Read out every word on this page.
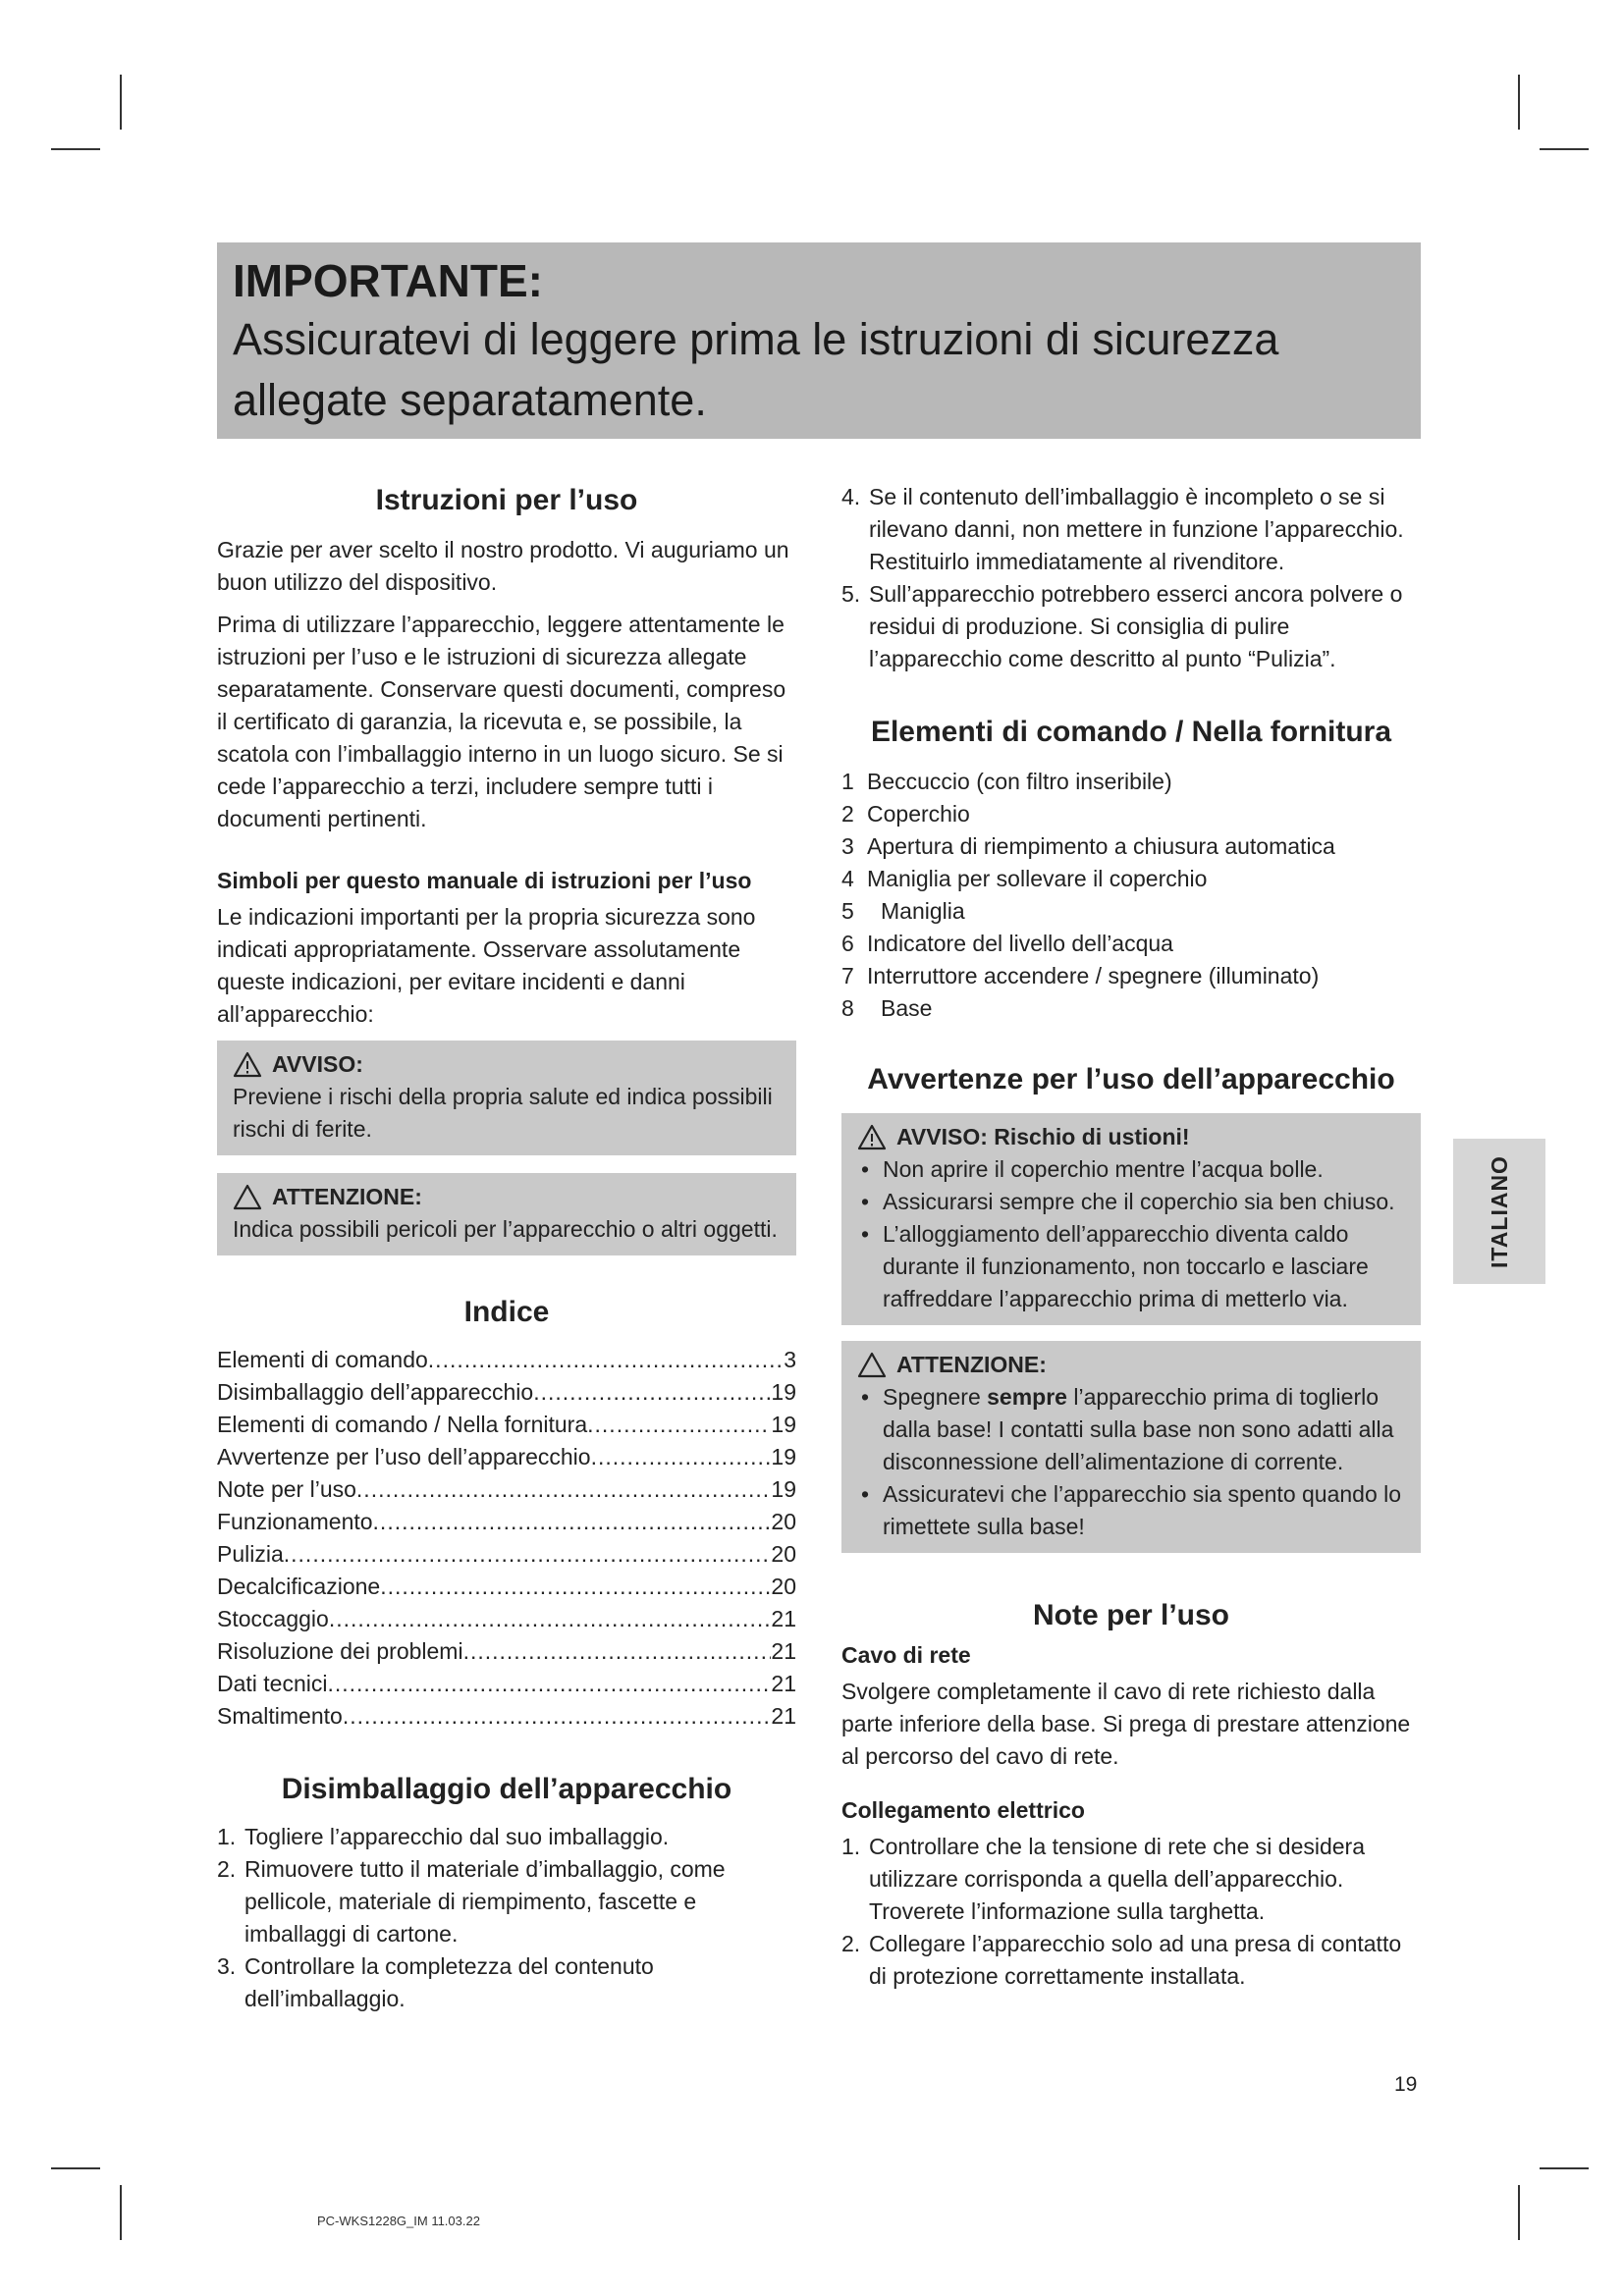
IMPORTANTE:
Assicuratevi di leggere prima le istruzioni di sicurezza allegate separatamente.
Istruzioni per l’uso

Grazie per aver scelto il nostro prodotto. Vi auguriamo un buon utilizzo del dispositivo.

Prima di utilizzare l’apparecchio, leggere attentamente le istruzioni per l’uso e le istruzioni di sicurezza allegate separatamente. Conservare questi documenti, compreso il certificato di garanzia, la ricevuta e, se possibile, la scatola con l’imballaggio interno in un luogo sicuro. Se si cede l’apparecchio a terzi, includere sempre tutti i documenti pertinenti.

Simboli per questo manuale di istruzioni per l’uso

Le indicazioni importanti per la propria sicurezza sono indicati appropriatamente. Osservare assolutamente queste indicazioni, per evitare incidenti e danni all’apparecchio:

AVVISO:

Previene i rischi della propria salute ed indica possibili rischi di ferite.

ATTENZIONE:

Indica possibili pericoli per l’apparecchio o altri oggetti.

Indice
Elementi di comando .....	3
Disimballaggio dell’apparecchio .....	19
Elementi di comando / Nella fornitura .....	19
Avvertenze per l’uso dell’apparecchio .....	19
Note per l’uso .....	19
Funzionamento .....	20
Pulizia .....	20
Decalcificazione .....	20
Stoccaggio .....	21
Risoluzione dei problemi .....	21
Dati tecnici .....	21
Smaltimento .....	21
Disimballaggio dell’apparecchio
1. Togliere l’apparecchio dal suo imballaggio.
2. Rimuovere tutto il materiale d’imballaggio, come pellicole, materiale di riempimento, fascette e imballaggi di cartone.
3. Controllare la completezza del contenuto dell’imballaggio.
4. Se il contenuto dell’imballaggio è incompleto o se si rilevano danni, non mettere in funzione l’apparecchio. Restituirlo immediatamente al rivenditore.
5. Sull’apparecchio potrebbero esserci ancora polvere o residui di produzione. Si consiglia di pulire l’apparecchio come descritto al punto “Pulizia”.
Elementi di comando / Nella fornitura
1 Beccuccio (con filtro inseribile)
2 Coperchio
3 Apertura di riempimento a chiusura automatica
4 Maniglia per sollevare il coperchio
5	Maniglia
6 Indicatore del livello dell’acqua
7 Interruttore accendere / spegnere (illuminato)
8	Base
Avvertenze per l’uso dell’apparecchio
AVVISO: Rischio di ustioni!
• Non aprire il coperchio mentre l’acqua bolle.
• Assicurarsi sempre che il coperchio sia ben chiuso.
• L’alloggiamento dell’apparecchio diventa caldo durante il funzionamento, non toccarlo e lasciare raffreddare l’apparecchio prima di metterlo via.
ATTENZIONE:
• Spegnere sempre l’apparecchio prima di toglierlo dalla base! I contatti sulla base non sono adatti alla disconnessione dell’alimentazione di corrente.
• Assicuratevi che l’apparecchio sia spento quando lo rimettete sulla base!
Note per l’uso
Cavo di rete

Svolgere completamente il cavo di rete richiesto dalla parte inferiore della base. Si prega di prestare attenzione al percorso del cavo di rete.

Collegamento elettrico
1. Controllare che la tensione di rete che si desidera utilizzare corrisponda a quella dell’apparecchio. Troverete l’informazione sulla targhetta.
2. Collegare l’apparecchio solo ad una presa di contatto di protezione correttamente installata.
ITALIANO
19
PC-WKS1228G_IM 11.03.22
